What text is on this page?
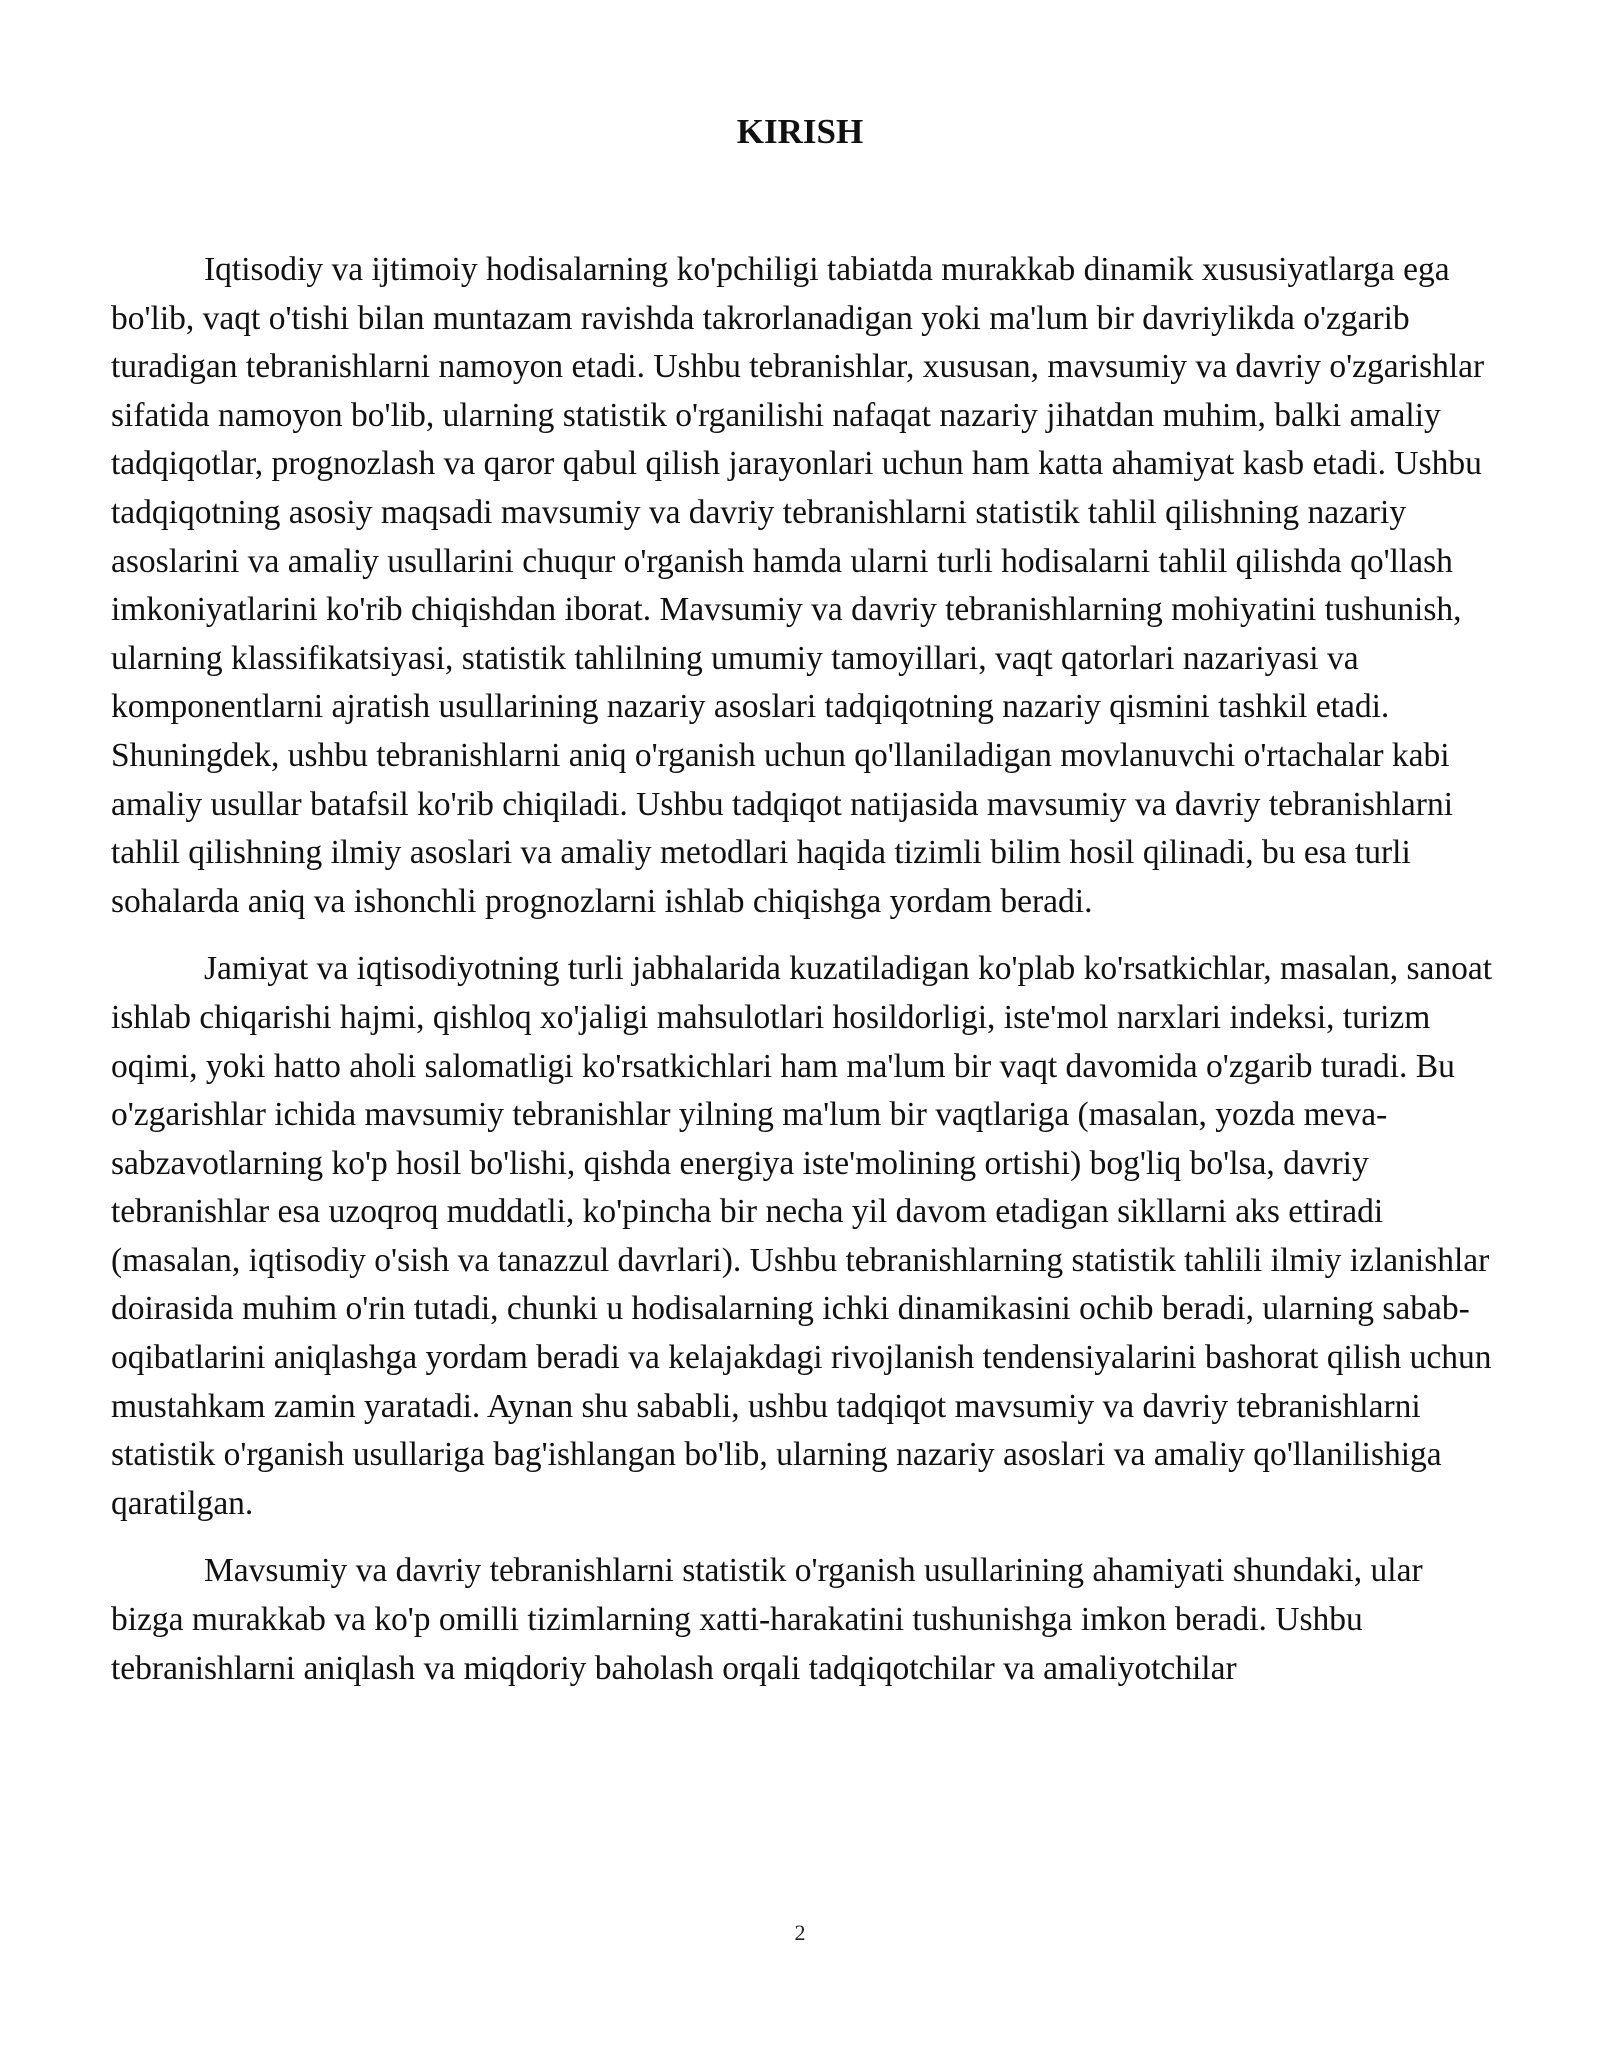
KIRISH

Iqtisodiy va ijtimoiy hodisalarning ko'pchiligi tabiatda murakkab dinamik xususiyatlarga ega bo'lib, vaqt o'tishi bilan muntazam ravishda takrorlanadigan yoki ma'lum bir davriylikda o'zgarib turadigan tebranishlarni namoyon etadi. Ushbu tebranishlar, xususan, mavsumiy va davriy o'zgarishlar sifatida namoyon bo'lib, ularning statistik o'rganilishi nafaqat nazariy jihatdan muhim, balki amaliy tadqiqotlar, prognozlash va qaror qabul qilish jarayonlari uchun ham katta ahamiyat kasb etadi. Ushbu tadqiqotning asosiy maqsadi mavsumiy va davriy tebranishlarni statistik tahlil qilishning nazariy asoslarini va amaliy usullarini chuqur o'rganish hamda ularni turli hodisalarni tahlil qilishda qo'llash imkoniyatlarini ko'rib chiqishdan iborat. Mavsumiy va davriy tebranishlarning mohiyatini tushunish, ularning klassifikatsiyasi, statistik tahlilning umumiy tamoyillari, vaqt qatorlari nazariyasi va komponentlarni ajratish usullarining nazariy asoslari tadqiqotning nazariy qismini tashkil etadi. Shuningdek, ushbu tebranishlarni aniq o'rganish uchun qo'llaniladigan movlanuvchi o'rtachalar kabi amaliy usullar batafsil ko'rib chiqiladi. Ushbu tadqiqot natijasida mavsumiy va davriy tebranishlarni tahlil qilishning ilmiy asoslari va amaliy metodlari haqida tizimli bilim hosil qilinadi, bu esa turli sohalarda aniq va ishonchli prognozlarni ishlab chiqishga yordam beradi.

Jamiyat va iqtisodiyotning turli jabhalarida kuzatiladigan ko'plab ko'rsatkichlar, masalan, sanoat ishlab chiqarishi hajmi, qishloq xo'jaligi mahsulotlari hosildorligi, iste'mol narxlari indeksi, turizm oqimi, yoki hatto aholi salomatligi ko'rsatkichlari ham ma'lum bir vaqt davomida o'zgarib turadi. Bu o'zgarishlar ichida mavsumiy tebranishlar yilning ma'lum bir vaqtlariga (masalan, yozda meva-sabzavotlarning ko'p hosil bo'lishi, qishda energiya iste'molining ortishi) bog'liq bo'lsa, davriy tebranishlar esa uzoqroq muddatli, ko'pincha bir necha yil davom etadigan sikllarni aks ettiradi (masalan, iqtisodiy o'sish va tanazzul davrlari). Ushbu tebranishlarning statistik tahlili ilmiy izlanishlar doirasida muhim o'rin tutadi, chunki u hodisalarning ichki dinamikasini ochib beradi, ularning sabab-oqibatlarini aniqlashga yordam beradi va kelajakdagi rivojlanish tendensiyalarini bashorat qilish uchun mustahkam zamin yaratadi. Aynan shu sababli, ushbu tadqiqot mavsumiy va davriy tebranishlarni statistik o'rganish usullariga bag'ishlangan bo'lib, ularning nazariy asoslari va amaliy qo'llanilishiga qaratilgan.

Mavsumiy va davriy tebranishlarni statistik o'rganish usullarining ahamiyati shundaki, ular bizga murakkab va ko'p omilli tizimlarning xatti-harakatini tushunishga imkon beradi. Ushbu tebranishlarni aniqlash va miqdoriy baholash orqali tadqiqotchilar va amaliyotchilar

2
